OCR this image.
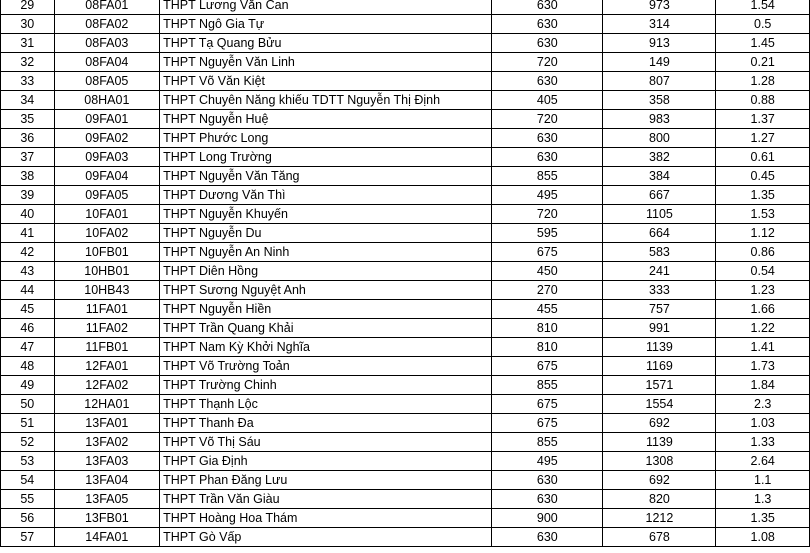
29	08FA01	THPT Lương Văn Can	630	973	1.54
30	08FA02	THPT Ngô Gia Tự	630	314	0.5
31	08FA03	THPT Tạ Quang Bửu	630	913	1.45
32	08FA04	THPT Nguyễn Văn Linh	720	149	0.21
33	08FA05	THPT Võ Văn Kiệt	630	807	1.28
34	08HA01	THPT Chuyên Năng khiếu TDTT Nguyễn Thị Định	405	358	0.88
35	09FA01	THPT Nguyễn Huệ	720	983	1.37
36	09FA02	THPT Phước Long	630	800	1.27
37	09FA03	THPT Long Trường	630	382	0.61
38	09FA04	THPT Nguyễn Văn Tăng	855	384	0.45
39	09FA05	THPT Dương Văn Thì	495	667	1.35
40	10FA01	THPT Nguyễn Khuyến	720	1105	1.53
41	10FA02	THPT Nguyễn Du	595	664	1.12
42	10FB01	THPT Nguyễn An Ninh	675	583	0.86
43	10HB01	THPT Diên Hồng	450	241	0.54
44	10HB43	THPT Sương Nguyệt Anh	270	333	1.23
45	11FA01	THPT Nguyễn Hiền	455	757	1.66
46	11FA02	THPT Trần Quang Khải	810	991	1.22
47	11FB01	THPT Nam Kỳ Khởi Nghĩa	810	1139	1.41
48	12FA01	THPT Võ Trường Toản	675	1169	1.73
49	12FA02	THPT Trường Chinh	855	1571	1.84
50	12HA01	THPT Thạnh Lộc	675	1554	2.3
51	13FA01	THPT Thanh Đa	675	692	1.03
52	13FA02	THPT Võ Thị Sáu	855	1139	1.33
53	13FA03	THPT Gia Định	495	1308	2.64
54	13FA04	THPT Phan Đăng Lưu	630	692	1.1
55	13FA05	THPT Trần Văn Giàu	630	820	1.3
56	13FB01	THPT Hoàng Hoa Thám	900	1212	1.35
57	14FA01	THPT Gò Vấp	630	678	1.08
